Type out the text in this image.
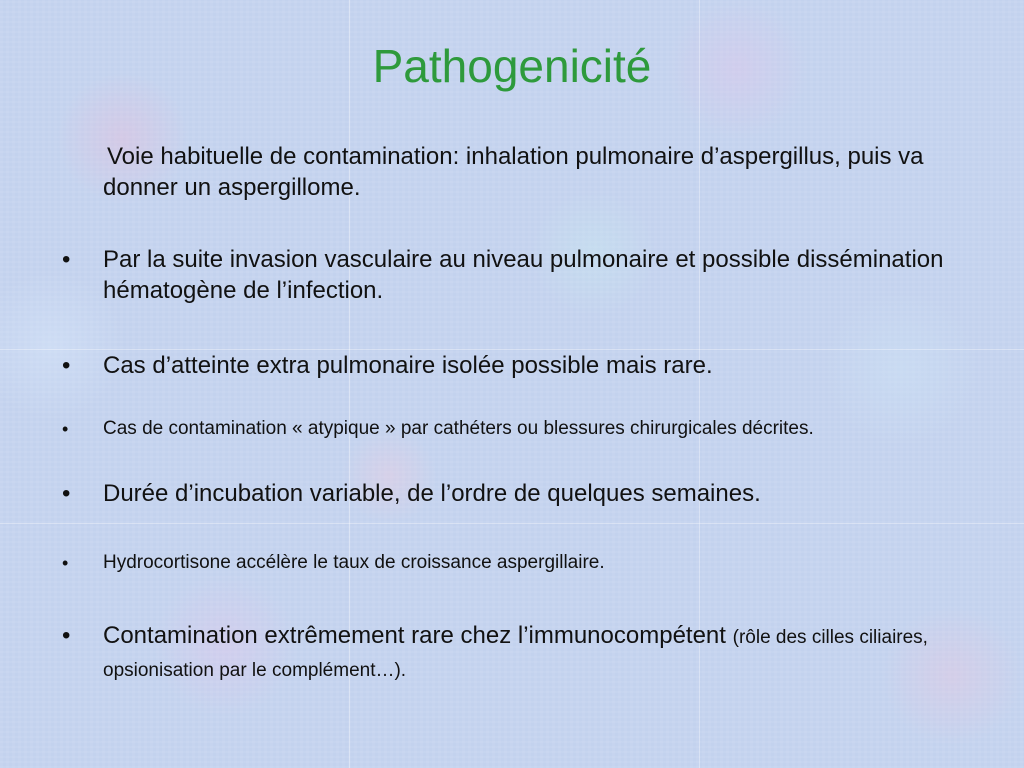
Pathogenicité
Voie habituelle de contamination: inhalation pulmonaire d’aspergillus, puis va donner un aspergillome.
•	Par la suite invasion vasculaire au niveau pulmonaire et possible dissémination hématogène de l’infection.
•	Cas d’atteinte extra pulmonaire isolée possible mais rare.
•	Cas de contamination « atypique » par cathéters ou blessures chirurgicales décrites.
•	Durée d’incubation variable, de l’ordre de quelques semaines.
•	Hydrocortisone accélère le taux de croissance aspergillaire.
•	Contamination extrêmement rare chez l’immunocompétent (rôle des cilles ciliaires, opsionisation par le complément…).
